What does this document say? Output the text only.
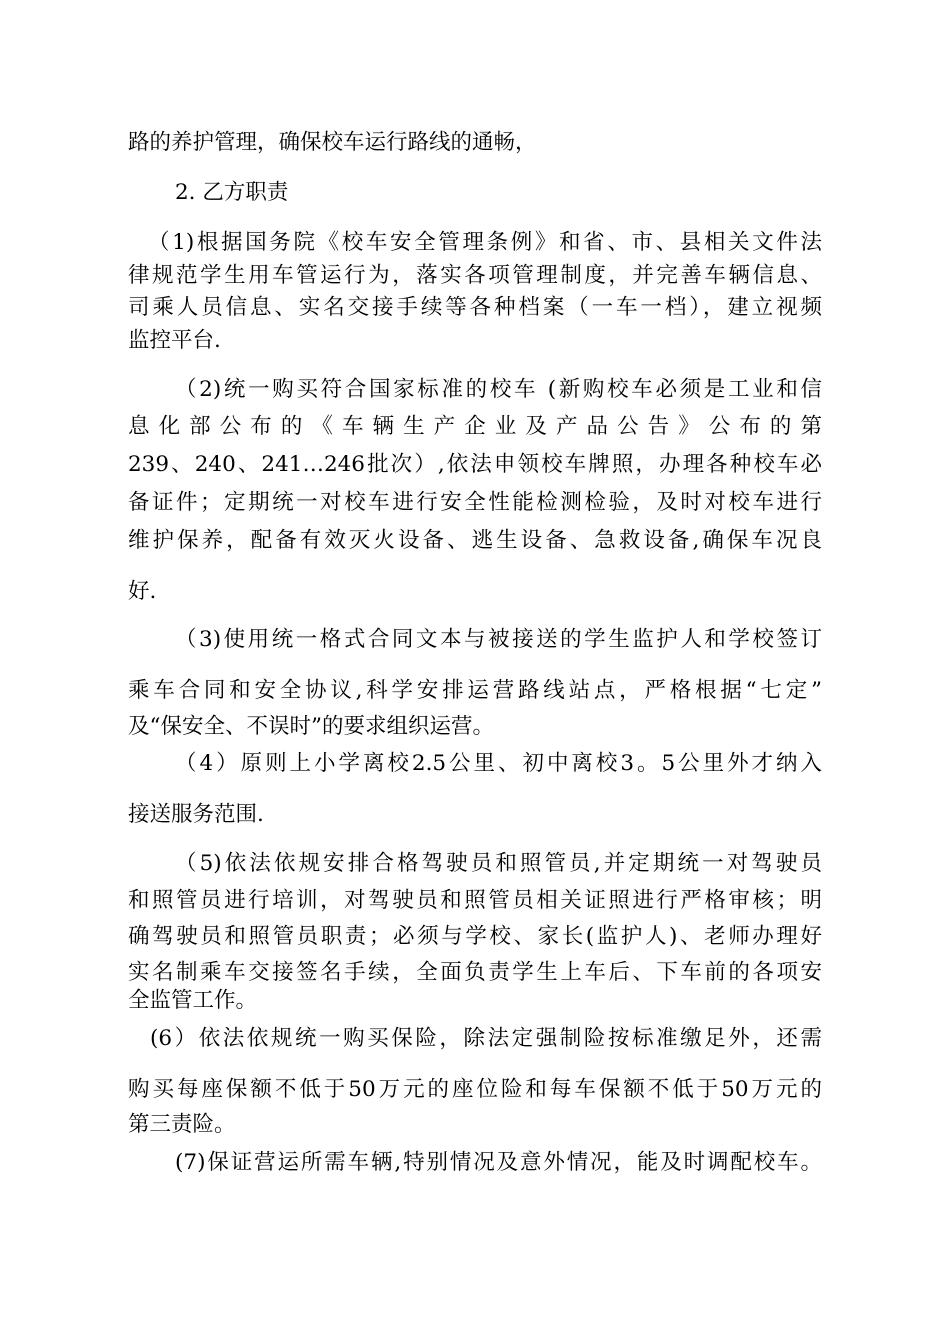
路的养护管理，确保校车运行路线的通畅，
2. 乙方职责
（1)根据国务院《校车安全管理条例》和省、市、县相关文件法
律规范学生用车管运行为，落实各项管理制度，并完善车辆信息、
司乘人员信息、实名交接手续等各种档案（一车一档），建立视频
监控平台.
（2)统一购买符合国家标准的校车 (新购校车必须是工业和信
息化部公布的《车辆生产企业及产品公告》公布的第
239、240、241…246批次）,依法申领校车牌照，办理各种校车必
备证件；定期统一对校车进行安全性能检测检验，及时对校车进行
维护保养，配备有效灭火设备、逃生设备、急救设备,确保车况良
好.
（3)使用统一格式合同文本与被接送的学生监护人和学校签订
乘车合同和安全协议,科学安排运营路线站点，严格根据“七定”
及“保安全、不误时”的要求组织运营。
（4）原则上小学离校2.5公里、初中离校3。5公里外才纳入
接送服务范围.
（5)依法依规安排合格驾驶员和照管员,并定期统一对驾驶员
和照管员进行培训，对驾驶员和照管员相关证照进行严格审核；明
确驾驶员和照管员职责；必须与学校、家长(监护人)、老师办理好
实名制乘车交接签名手续，全面负责学生上车后、下车前的各项安
全监管工作。
(6）依法依规统一购买保险，除法定强制险按标准缴足外，还需
购买每座保额不低于50万元的座位险和每车保额不低于50万元的
第三责险。
(7)保证营运所需车辆,特别情况及意外情况，能及时调配校车。
